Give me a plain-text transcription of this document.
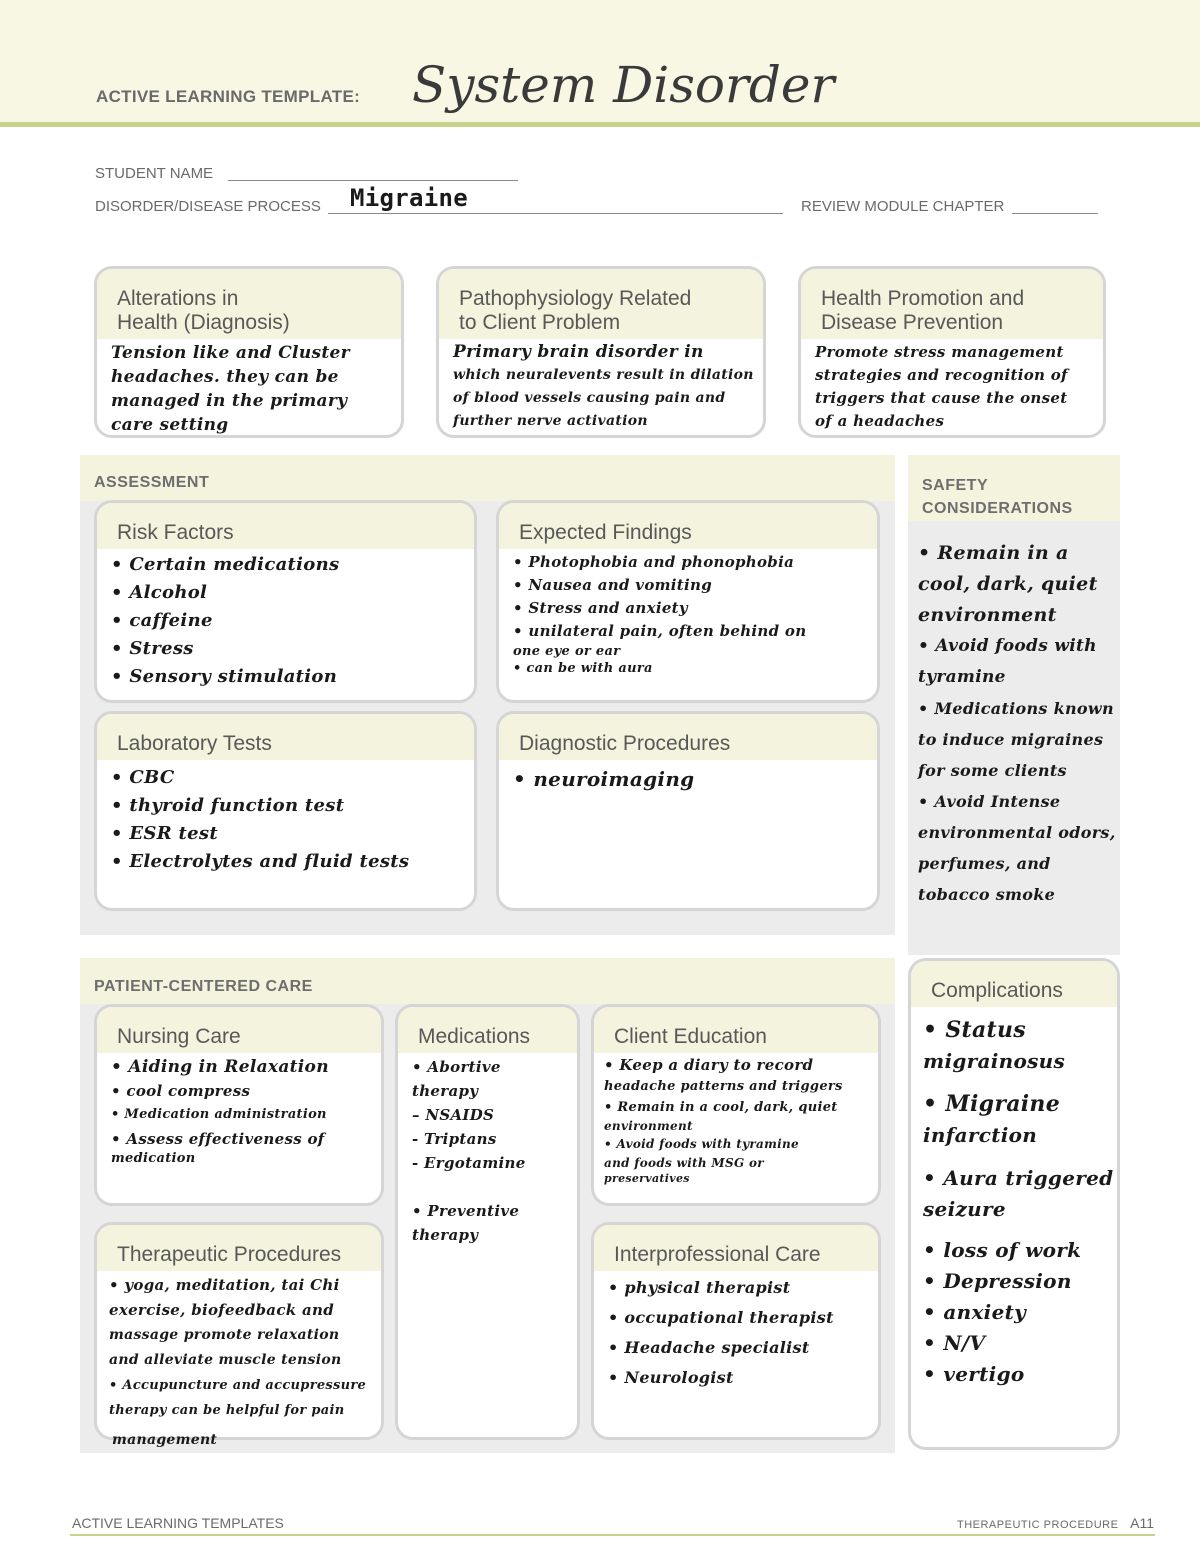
ACTIVE LEARNING TEMPLATE: System Disorder
STUDENT NAME
DISORDER/DISEASE PROCESS Migraine	REVIEW MODULE CHAPTER
Alterations in
Health (Diagnosis)
Tension like and Cluster
headaches. they can be
managed in the primary
care setting
Pathophysiology Related
to Client Problem
Primary brain disorder in
which neuralevents result in dilation
of blood vessels causing pain and
further nerve activation
Health Promotion and
Disease Prevention
Promote stress management
strategies and recognition of
triggers that cause the onset
of a headaches
ASSESSMENT
Risk Factors
• Certain medications
• Alcohol
• caffeine
• Stress
• Sensory stimulation
Expected Findings
• Photophobia and phonophobia
• Nausea and vomiting
• Stress and anxiety
• unilateral pain, often behind on
one eye or ear
• can be with aura
Laboratory Tests
• CBC
• thyroid function test
• ESR test
• Electrolytes and fluid tests
Diagnostic Procedures
• neuroimaging
SAFETY
CONSIDERATIONS
• Remain in a
cool, dark, quiet
environment
• Avoid foods with
tyramine
• Medications known
to induce migraines
for some clients
• Avoid Intense
environmental odors,
perfumes, and
tobacco smoke
PATIENT-CENTERED CARE
Nursing Care
• Aiding in Relaxation
• cool compress
• Medication administration
• Assess effectiveness of
medication
Medications
• Abortive
therapy
– NSAIDS
- Triptans
- Ergotamine
• Preventive
therapy
Client Education
• Keep a diary to record
headache patterns and triggers
• Remain in a cool, dark, quiet
environment
• Avoid foods with tyramine
and foods with MSG or
preservatives
Therapeutic Procedures
• yoga, meditation, tai Chi
exercise, biofeedback and
massage promote relaxation
and alleviate muscle tension
• Accupuncture and accupressure
therapy can be helpful for pain
management
Interprofessional Care
• physical therapist
• occupational therapist
• Headache specialist
• Neurologist
Complications
• Status
migrainosus
• Migraine
infarction
• Aura triggered
seizure
• loss of work
• Depression
• anxiety
• N/V
• vertigo
ACTIVE LEARNING TEMPLATES	THERAPEUTIC PROCEDURE A11
